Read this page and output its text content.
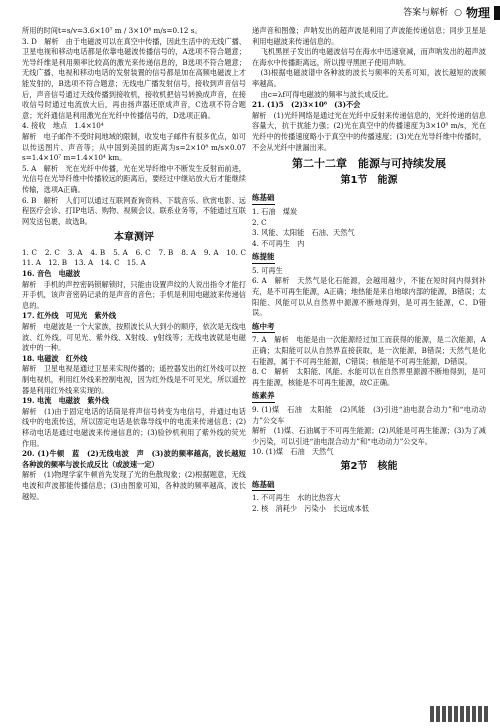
答案与解析 ○ 物理

所用的时间t=s/v=3.6×10⁷ m / 3×10⁸ m/s=0.12 s。

3. D　解析　由于电磁波可以在真空中传播，因此生活中的无线广播、卫星电视和移动电话都是依靠电磁波传播信号的，A选项不符合题意；光导纤维是利用频率比较高的激光来传递信息的，B选项不符合题意；无线广播、电视和移动电话的发射装置的信号都是加在高频电磁波上才能发射的，B选项不符合题意；无线电广播发射信号，接收到声音信号后，声音信号通过天线传播到接收机，接收机把信号转换成声音，在接收信号时通过电流放大后，再由扬声器还原成声音，C选项不符合题意；光纤通信是利用激光在光纤中传播信号的，D选项正确。

4. 接收　地点　1.4×10⁴

解析　电子邮件不受时间地域的限制，收发电子邮件有很多优点，如可以传送图片、声音等；从中国到美国的距离为s=2×10⁸ m/s×0.07 s=1.4×10⁷ m=1.4×10⁴ km。

5. A　解析　光在光纤中传播，光在光导纤维中不断发生反射而前进，光信号在光导纤维中传播较远的距离后，要经过中继站放大后才能继续传输，选项A正确。

6. B　解析　人们可以通过互联网查询资料、下载音乐、欣赏电影、远程医疗会诊、打IP电话、购物、视频会议、联系业务等，不能通过互联网发送包裹，故选B。

本章测评

1. C　2. C　3. A　4. B　5. A　6. C　7. B　8. A　9. A　10. C　11. A　12. B　13. A　14. C　15. A

16. 音色　电磁波

解析　手机的声控密码锁解锁时，只能由设置声纹的人说出指令才能打开手机，该声音密码记录的是声音的音色；手机是利用电磁波来传递信息的。

17. 红外线　可见光　紫外线

解析　电磁波是一个大家族，按照波长从大到小的顺序，依次是无线电波、红外线、可见光、紫外线、X射线、γ射线等；无线电波就是电磁波中的一种。

18. 电磁波　红外线

解析　卫星电视是通过卫星来实现传播的；遥控器发出的红外线可以控制电视机，利用红外线来控制电视，因为红外线是不可见光，所以遥控器是利用红外线来实现的。

19. 电流　电磁波　紫外线

解析　(1)由于固定电话的话筒是将声信号转变为电信号，并通过电话线中的电流传送，所以固定电话是依靠导线中的电流来传递信息；(2)移动电话是通过电磁波来传递信息的；(3)验钞机利用了紫外线的荧光作用。

20. (1)牛顿　蓝　(2)无线电波　声　(3)波的频率越高，波长越短　各种波的频率与波长成反比（或波速一定）

解析　(1)物理学家牛顿首先发现了光的色散现象；(2)根据题意，无线电波和声波都能传播信息；(3)由图象可知，各种波的频率越高，波长越短。

递声音和图像；声呐发出的超声波是利用了声波能传递信息；同步卫星是利用电磁波来传递信息的。

飞机黑匣子发出的电磁波信号在海水中迅速衰减，而声呐发出的超声波在海水中传播距离远，所以搜寻黑匣子使用声呐。

(3)根据电磁波谱中各种波的波长与频率的关系可知，波长越短的波频率越高。

由c=λf可得电磁波的频率与波长成反比。

21. (1)5　(2)3×10⁸　(3)不会

解析　(1)光纤网络是通过光在光纤中反射来传递信息的，光纤传递的信息容量大，抗干扰能力强；(2)光在真空中的传播速度为3×10⁸ m/s，光在光纤中的传播速度略小于真空中的传播速度；(3)光在光导纤维中传播时，不会从光纤中泄漏出来。

第二十二章　能源与可持续发展
第1节　能源
练基础

1. 石油　煤炭

2. C

3. 风能、太阳能　石油、天然气

4. 不可再生　内

练提能

5. 可再生

6. A　解析　天然气是化石能源，会越用越少，不能在短时间内得到补充，是不可再生能源，A正确；地热能是来自地球内部的能源，B错误；太阳能、风能可以从自然界中源源不断地得到，是可再生能源，C、D错误。

练中考

7. A　解析　电能是由一次能源经过加工而获得的能源，是二次能源，A正确；太阳能可以从自然界直接获取，是一次能源，B错误；天然气是化石能源，属于不可再生能源，C错误；核能是不可再生能源，D错误。

8. C　解析　太阳能、风能、水能可以在自然界里源源不断地得到，是可再生能源，核能是不可再生能源，故C正确。

练素养

9. (1)煤　石油　太阳能　(2)风能　(3)引进“油电混合动力”和“电动动力”公交车

解析　(1)煤、石油属于不可再生能源；(2)风能是可再生能源；(3)为了减少污染，可以引进“油电混合动力”和“电动动力”公交车。

10. (1)煤　石油　天然气

第2节　核能
练基础

1. 不可再生　水的比热容大

2. 核　消耗少　污染小　长远成本低
